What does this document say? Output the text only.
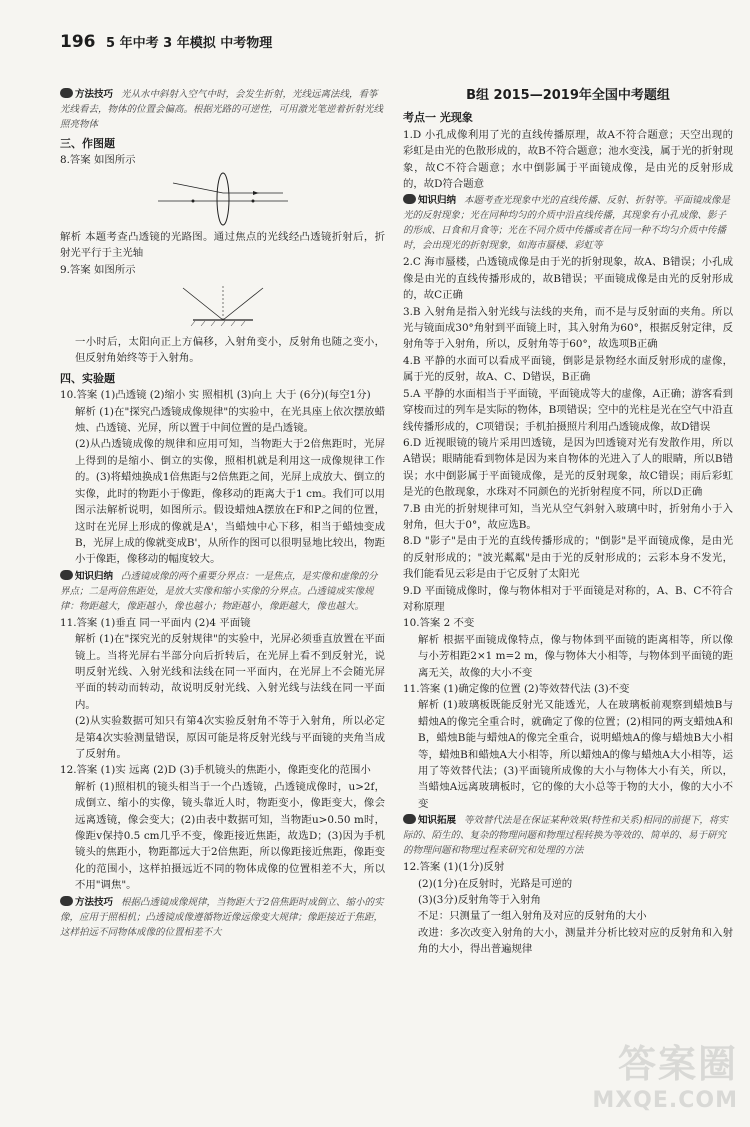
196 5 年中考 3 年模拟 中考物理

方法技巧 光从水中斜射入空气中时，会发生折射，光线远离法线，看筝光线看去，物体的位置会偏高。根据光路的可逆性，可用激光笔逆着折射光线照亮物体

三、作图题

8.答案 如图所示

解析 本题考查凸透镜的光路图。通过焦点的光线经凸透镜折射后，折射光平行于主光轴

9.答案 如图所示

一小时后，太阳向正上方偏移，入射角变小，反射角也随之变小，但反射角始终等于入射角。

四、实验题

10.答案 (1)凸透镜 (2)缩小 实 照相机 (3)向上 大于 (6分)(每空1分)

解析 (1)在"探究凸透镜成像规律"的实验中，在光具座上依次摆放蜡烛、凸透镜、光屏，所以置于中间位置的是凸透镜。

(2)从凸透镜成像的规律和应用可知，当物距大于2倍焦距时，光屏上得到的是缩小、倒立的实像，照相机就是利用这一成像规律工作的。(3)将蜡烛换成1倍焦距与2倍焦距之间，光屏上成放大、倒立的实像，此时的物距小于像距，像移动的距离大于1 cm。我们可以用图示法解析说明，如图所示。假设蜡烛A摆放在F和P之间的位置，这时在光屏上形成的像就是A'，当蜡烛中心下移，相当于蜡烛变成B，光屏上成的像就变成B'，从所作的图可以很明显地比较出，物距小于像距，像移动的幅度较大。

知识归纳 凸透镜成像的两个重要分界点：一是焦点，是实像和虚像的分界点；二是两倍焦距处，是放大实像和缩小实像的分界点。凸透镜成实像规律：物距越大，像距越小，像也越小；物距越小，像距越大，像也越大。

11.答案 (1)垂直 同一平面内 (2)4 平面镜

解析 (1)在"探究光的反射规律"的实验中，光屏必须垂直放置在平面镜上。当将光屏右半部分向后折转后，在光屏上看不到反射光，说明反射光线、入射光线和法线在同一平面内，在光屏上不会随光屏平面的转动而转动，故说明反射光线、入射光线与法线在同一平面内。

(2)从实验数据可知只有第4次实验反射角不等于入射角，所以必定是第4次实验测量错误，原因可能是将反射光线与平面镜的夹角当成了反射角。

12.答案 (1)实 远离 (2)D (3)手机镜头的焦距小，像距变化的范围小

解析 (1)照相机的镜头相当于一个凸透镜，凸透镜成像时，u>2f，成倒立、缩小的实像，镜头靠近人时，物距变小，像距变大，像会远离透镜，像会变大；(2)由表中数据可知，当物距u>0.50 m时，像距v保持0.5 cm几乎不变，像距接近焦距，故选D；(3)因为手机镜头的焦距小，物距都远大于2倍焦距，所以像距接近焦距，像距变化的范围小，这样拍摄远近不同的物体成像的位置相差不大，所以不用"调焦"。

方法技巧 根据凸透镜成像规律，当物距大于2倍焦距时成倒立、缩小的实像，应用于照相机；凸透镜成像遵循物近像远像变大规律；像距接近于焦距，这样拍远不同物体成像的位置相差不大

B组 2015—2019年全国中考题组
考点一 光现象

1.D 小孔成像利用了光的直线传播原理，故A不符合题意；天空出现的彩虹是由光的色散形成的，故B不符合题意；池水变浅，属于光的折射现象，故C不符合题意；水中倒影属于平面镜成像，是由光的反射形成的，故D符合题意

知识归纳 本题考查光现象中光的直线传播、反射、折射等。平面镜成像是光的反射现象；光在同种均匀的介质中沿直线传播，其现象有小孔成像、影子的形成、日食和月食等；光在不同介质中传播或者在同一种不均匀介质中传播时，会出现光的折射现象，如海市蜃楼、彩虹等

2.C 海市蜃楼，凸透镜成像是由于光的折射现象，故A、B错误；小孔成像是由光的直线传播形成的，故B错误；平面镜成像是由光的反射形成的，故C正确

3.B 入射角是指入射光线与法线的夹角，而不是与反射面的夹角。所以光与镜面成30°角射到平面镜上时，其入射角为60°，根据反射定律，反射角等于入射角，所以，反射角等于60°，故选项B正确

4.B 平静的水面可以看成平面镜，倒影是景物经水面反射形成的虚像，属于光的反射，故A、C、D错误，B正确

5.A 平静的水面相当于平面镜，平面镜成等大的虚像，A正确；游客看到穿梭而过的列车是实际的物体，B项错误；空中的光柱是光在空气中沿直线传播形成的，C项错误；手机拍摄照片利用凸透镜成像，故D错误

6.D 近视眼镜的镜片采用凹透镜，是因为凹透镜对光有发散作用，所以A错误；眼睛能看到物体是因为来自物体的光进入了人的眼睛，所以B错误；水中倒影属于平面镜成像，是光的反射现象，故C错误；雨后彩虹是光的色散现象，水珠对不同颜色的光折射程度不同，所以D正确

7.B 由光的折射规律可知，当光从空气斜射入玻璃中时，折射角小于入射角，但大于0°，故应选B。

8.D "影子"是由于光的直线传播形成的；"倒影"是平面镜成像，是由光的反射形成的；"波光粼粼"是由于光的反射形成的；云彩本身不发光，我们能看见云彩是由于它反射了太阳光

9.D 平面镜成像时，像与物体相对于平面镜是对称的，A、B、C不符合对称原理

10.答案 2 不变

解析 根据平面镜成像特点，像与物体到平面镜的距离相等，所以像与小芳相距2×1 m=2 m，像与物体大小相等，与物体到平面镜的距离无关，故像的大小不变

11.答案 (1)确定像的位置 (2)等效替代法 (3)不变

解析 (1)玻璃板既能反射光又能透光，人在玻璃板前观察到蜡烛B与蜡烛A的像完全重合时，就确定了像的位置；(2)相同的两支蜡烛A和B，蜡烛B能与蜡烛A的像完全重合，说明蜡烛A的像与蜡烛B大小相等，蜡烛B和蜡烛A大小相等，所以蜡烛A的像与蜡烛A大小相等，运用了等效替代法；(3)平面镜所成像的大小与物体大小有关，所以，当蜡烛A远离玻璃板时，它的像的大小总等于物的大小，像的大小不变

知识拓展 等效替代法是在保证某种效果(特性和关系)相同的前提下，将实际的、陌生的、复杂的物理问题和物理过程转换为等效的、简单的、易于研究的物理问题和物理过程来研究和处理的方法

12.答案 (1)(1分)反射

(2)(1分)在反射时，光路是可逆的

(3)(3分)反射角等于入射角

不足：只测量了一组入射角及对应的反射角的大小

改进：多次改变入射角的大小，测量并分析比较对应的反射角和入射角的大小，得出普遍规律

答案圈
MXQE.COM
